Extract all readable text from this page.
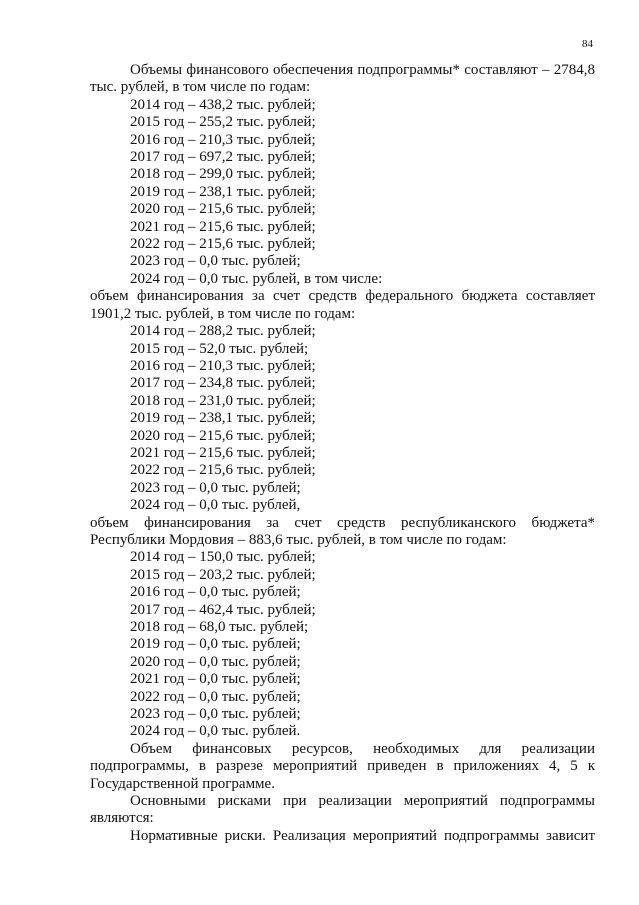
84

Объемы финансового обеспечения подпрограммы* составляют – 2784,8 тыс. рублей, в том числе по годам:

2014 год – 438,2 тыс. рублей;

2015 год – 255,2 тыс. рублей;

2016 год – 210,3 тыс. рублей;

2017 год – 697,2 тыс. рублей;

2018 год – 299,0 тыс. рублей;

2019 год – 238,1 тыс. рублей;

2020 год – 215,6 тыс. рублей;

2021 год – 215,6 тыс. рублей;

2022 год – 215,6 тыс. рублей;

2023 год – 0,0 тыс. рублей;

2024 год – 0,0 тыс. рублей, в том числе:

объем финансирования за счет средств федерального бюджета составляет 1901,2 тыс. рублей, в том числе по годам:

2014 год – 288,2 тыс. рублей;

2015 год – 52,0 тыс. рублей;

2016 год – 210,3 тыс. рублей;

2017 год – 234,8 тыс. рублей;

2018 год – 231,0 тыс. рублей;

2019 год – 238,1 тыс. рублей;

2020 год – 215,6 тыс. рублей;

2021 год – 215,6 тыс. рублей;

2022 год – 215,6 тыс. рублей;

2023 год – 0,0 тыс. рублей;

2024 год – 0,0 тыс. рублей,

объем финансирования за счет средств республиканского бюджета* Республики Мордовия – 883,6 тыс. рублей, в том числе по годам:

2014 год – 150,0 тыс. рублей;

2015 год – 203,2 тыс. рублей;

2016 год – 0,0 тыс. рублей;

2017 год – 462,4 тыс. рублей;

2018 год – 68,0 тыс. рублей;

2019 год – 0,0 тыс. рублей;

2020 год – 0,0 тыс. рублей;

2021 год – 0,0 тыс. рублей;

2022 год – 0,0 тыс. рублей;

2023 год – 0,0 тыс. рублей;

2024 год – 0,0 тыс. рублей.

Объем финансовых ресурсов, необходимых для реализации подпрограммы, в разрезе мероприятий приведен в приложениях 4, 5 к Государственной программе.

Основными рисками при реализации мероприятий подпрограммы являются:

Нормативные риски. Реализация мероприятий подпрограммы зависит
